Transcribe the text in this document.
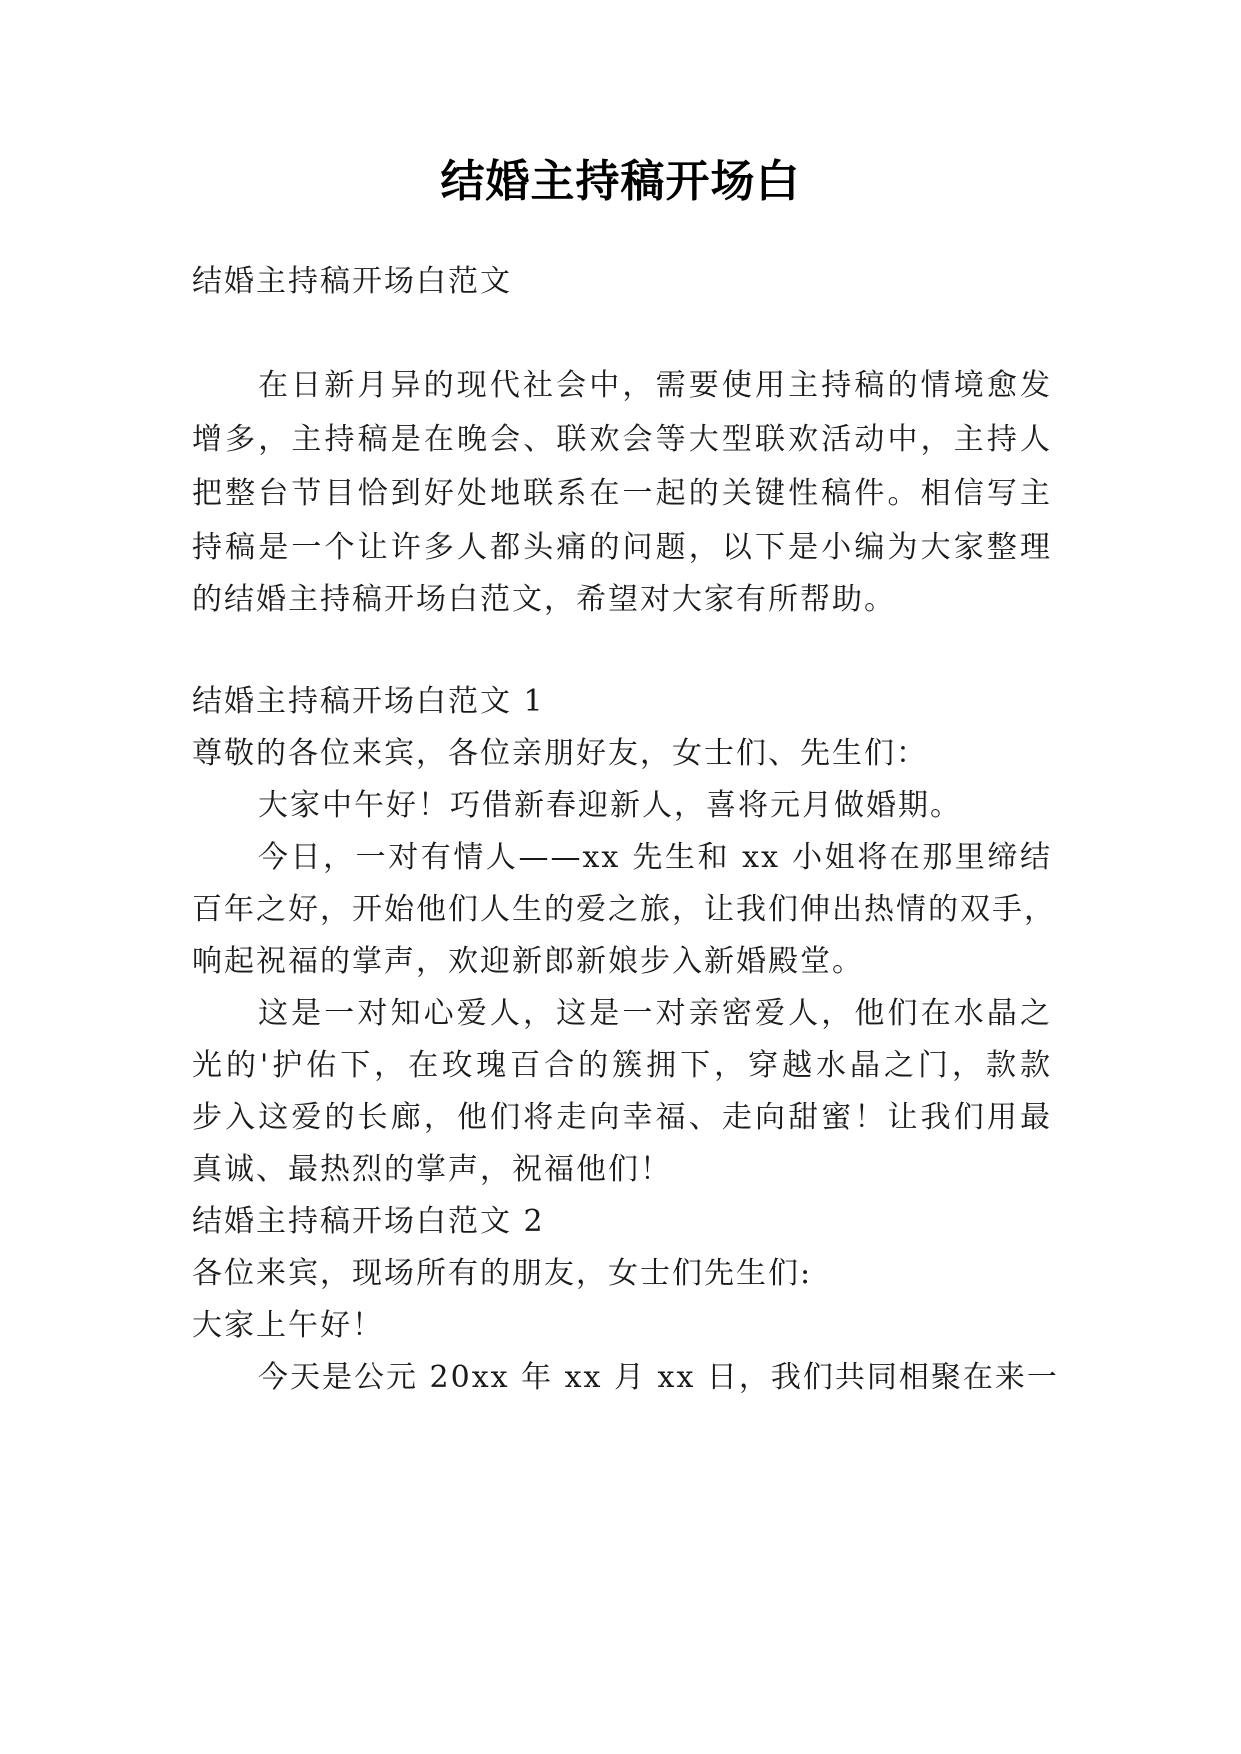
结婚主持稿开场白
结婚主持稿开场白范文
在日新月异的现代社会中，需要使用主持稿的情境愈发
增多，主持稿是在晚会、联欢会等大型联欢活动中，主持人
把整台节目恰到好处地联系在一起的关键性稿件。相信写主
持稿是一个让许多人都头痛的问题，以下是小编为大家整理
的结婚主持稿开场白范文，希望对大家有所帮助。
结婚主持稿开场白范文 1
尊敬的各位来宾，各位亲朋好友，女士们、先生们：
大家中午好！巧借新春迎新人，喜将元月做婚期。
今日，一对有情人——xx 先生和 xx 小姐将在那里缔结
百年之好，开始他们人生的爱之旅，让我们伸出热情的双手，
响起祝福的掌声，欢迎新郎新娘步入新婚殿堂。
这是一对知心爱人，这是一对亲密爱人，他们在水晶之
光的'护佑下，在玫瑰百合的簇拥下，穿越水晶之门，款款
步入这爱的长廊，他们将走向幸福、走向甜蜜！让我们用最
真诚、最热烈的掌声，祝福他们！
结婚主持稿开场白范文 2
各位来宾，现场所有的朋友，女士们先生们:
大家上午好！
今天是公元 20xx 年 xx 月 xx 日，我们共同相聚在来一
